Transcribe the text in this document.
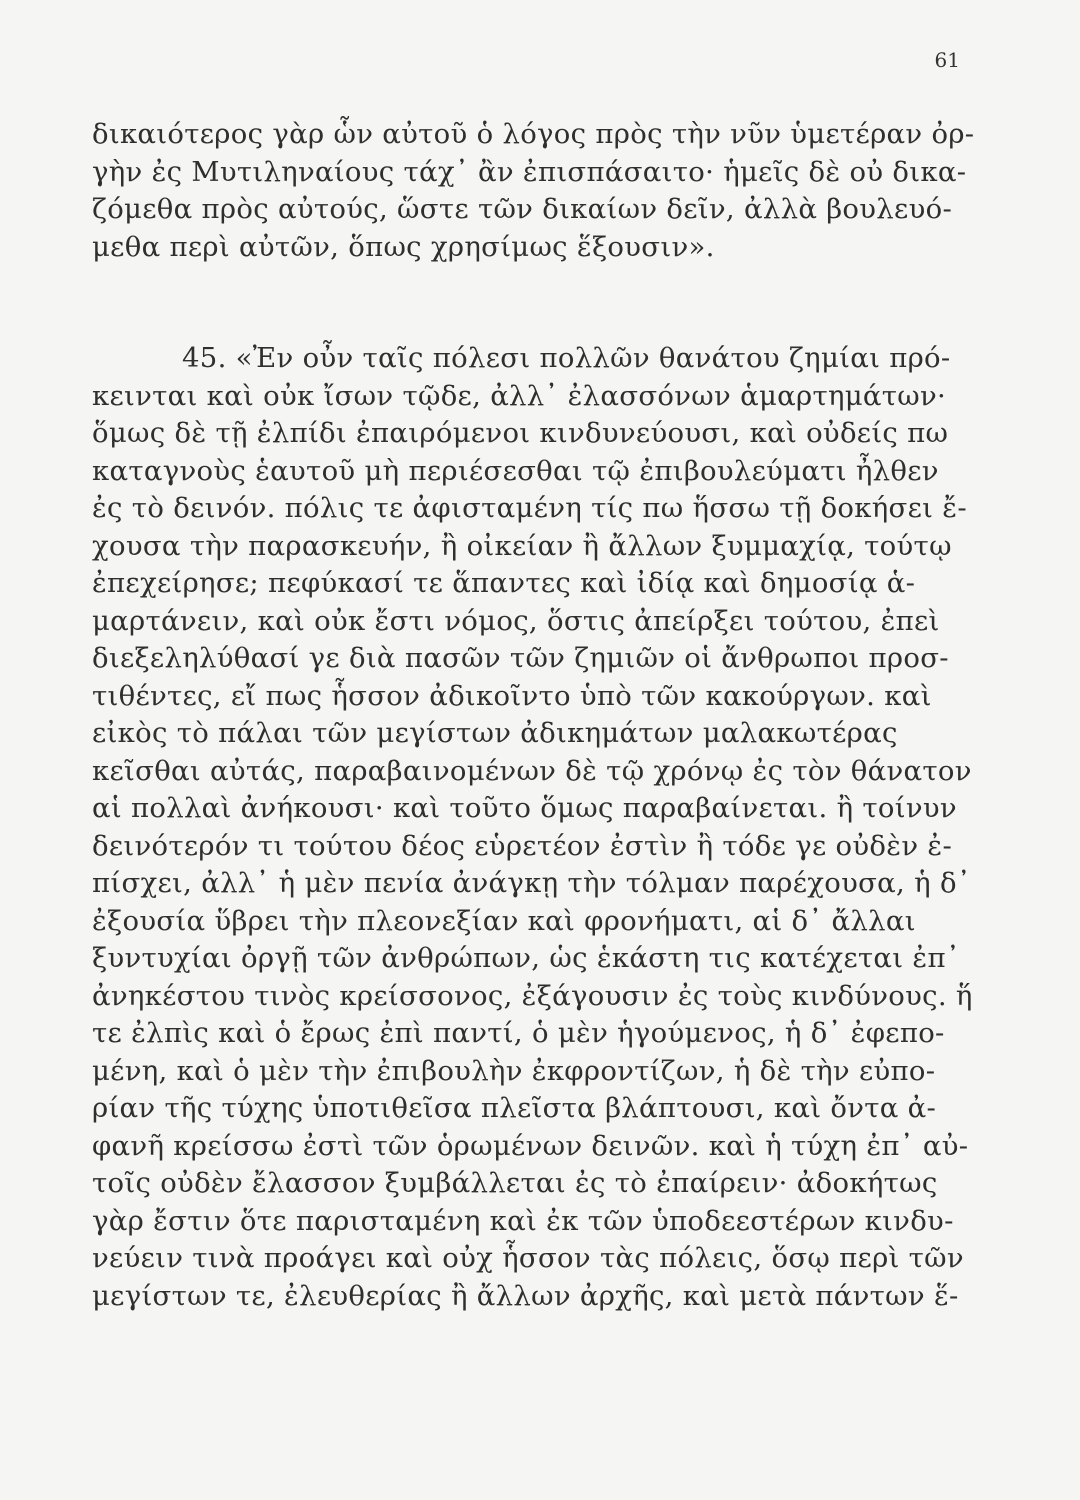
61
δικαιότερος γὰρ ὧν αὐτοῦ ὁ λόγος πρὸς τὴν νῦν ὑμετέραν ὀρ-
γὴν ἐς Μυτιληναίους τάχ᾽ ἂν ἐπισπάσαιτο· ἡμεῖς δὲ οὐ δικα-
ζόμεθα πρὸς αὐτούς, ὥστε τῶν δικαίων δεῖν, ἀλλὰ βουλευό-
μεθα περὶ αὐτῶν, ὅπως χρησίμως ἕξουσιν».
45. «Ἐν οὖν ταῖς πόλεσι πολλῶν θανάτου ζημίαι πρό-
κεινται καὶ οὐκ ἴσων τῷδε, ἀλλ᾽ ἐλασσόνων ἁμαρτημάτων·
ὅμως δὲ τῇ ἐλπίδι ἐπαιρόμενοι κινδυνεύουσι, καὶ οὐδείς πω
καταγνοὺς ἑαυτοῦ μὴ περιέσεσθαι τῷ ἐπιβουλεύματι ἦλθεν
ἐς τὸ δεινόν. πόλις τε ἀφισταμένη τίς πω ἥσσω τῇ δοκήσει ἔ-
χουσα τὴν παρασκευήν, ἢ οἰκείαν ἢ ἄλλων ξυμμαχίᾳ, τούτῳ
ἐπεχείρησε; πεφύκασί τε ἅπαντες καὶ ἰδίᾳ καὶ δημοσίᾳ ἁ-
μαρτάνειν, καὶ οὐκ ἔστι νόμος, ὅστις ἀπείρξει τούτου, ἐπεὶ
διεξεληλύθασί γε διὰ πασῶν τῶν ζημιῶν οἱ ἄνθρωποι προσ-
τιθέντες, εἴ πως ἧσσον ἀδικοῖντο ὑπὸ τῶν κακούργων. καὶ
εἰκὸς τὸ πάλαι τῶν μεγίστων ἀδικημάτων μαλακωτέρας
κεῖσθαι αὐτάς, παραβαινομένων δὲ τῷ χρόνῳ ἐς τὸν θάνατον
αἱ πολλαὶ ἀνήκουσι· καὶ τοῦτο ὅμως παραβαίνεται. ἢ τοίνυν
δεινότερόν τι τούτου δέος εὑρετέον ἐστὶν ἢ τόδε γε οὐδὲν ἐ-
πίσχει, ἀλλ᾽ ἡ μὲν πενία ἀνάγκῃ τὴν τόλμαν παρέχουσα, ἡ δ᾽
ἐξουσία ὕβρει τὴν πλεονεξίαν καὶ φρονήματι, αἱ δ᾽ ἄλλαι
ξυντυχίαι ὀργῇ τῶν ἀνθρώπων, ὡς ἑκάστη τις κατέχεται ἐπ᾽
ἀνηκέστου τινὸς κρείσσονος, ἐξάγουσιν ἐς τοὺς κινδύνους. ἥ
τε ἐλπὶς καὶ ὁ ἔρως ἐπὶ παντί, ὁ μὲν ἡγούμενος, ἡ δ᾽ ἐφεπο-
μένη, καὶ ὁ μὲν τὴν ἐπιβουλὴν ἐκφροντίζων, ἡ δὲ τὴν εὐπο-
ρίαν τῆς τύχης ὑποτιθεῖσα πλεῖστα βλάπτουσι, καὶ ὄντα ἀ-
φανῆ κρείσσω ἐστὶ τῶν ὁρωμένων δεινῶν. καὶ ἡ τύχη ἐπ᾽ αὐ-
τοῖς οὐδὲν ἔλασσον ξυμβάλλεται ἐς τὸ ἐπαίρειν· ἀδοκήτως
γὰρ ἔστιν ὅτε παρισταμένη καὶ ἐκ τῶν ὑποδεεστέρων κινδυ-
νεύειν τινὰ προάγει καὶ οὐχ ἧσσον τὰς πόλεις, ὅσῳ περὶ τῶν
μεγίστων τε, ἐλευθερίας ἢ ἄλλων ἀρχῆς, καὶ μετὰ πάντων ἕ-
